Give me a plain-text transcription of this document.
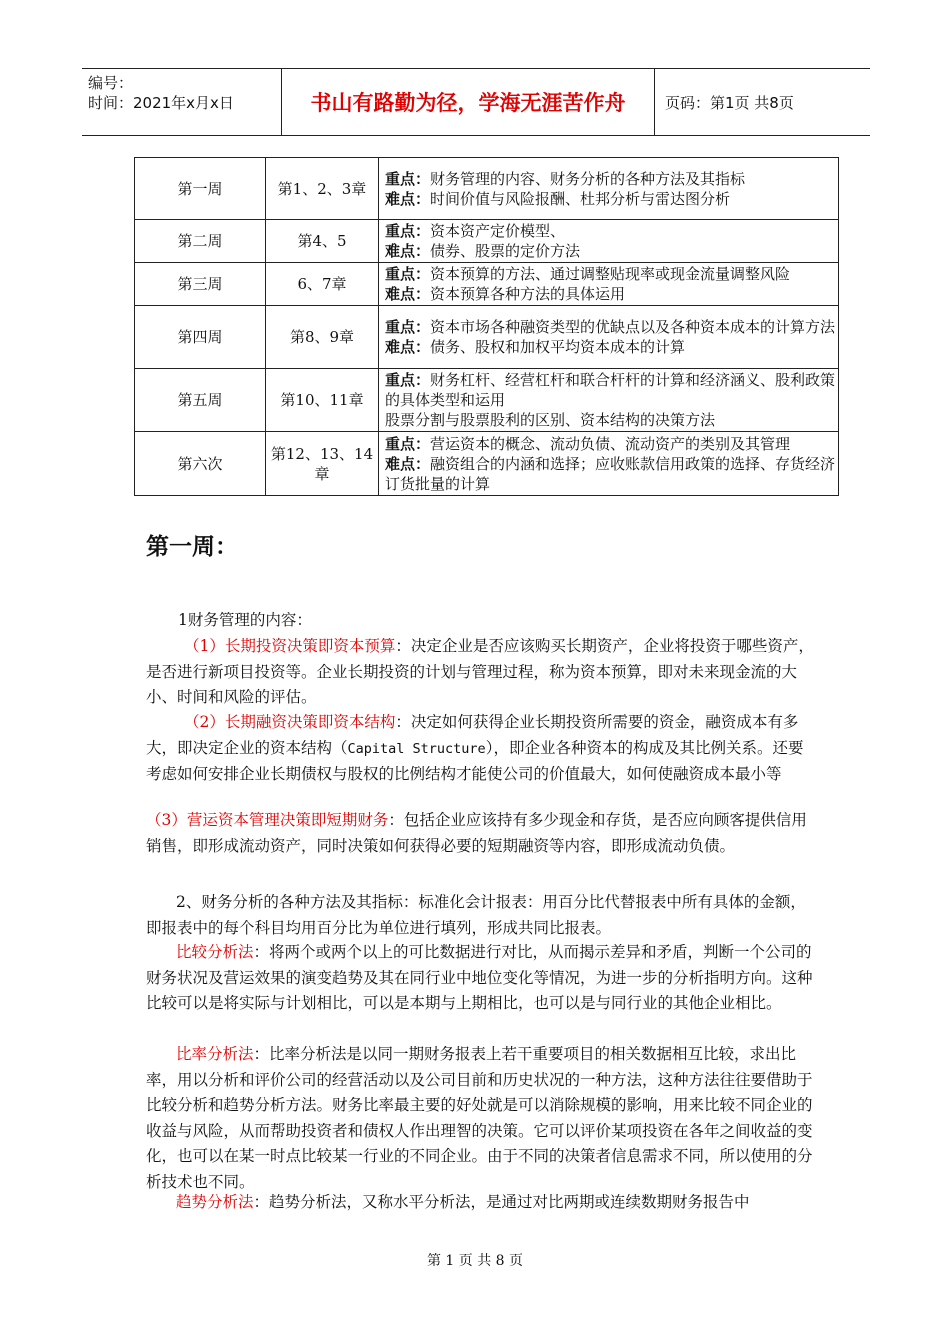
编号：
时间：2021年x月x日	书山有路勤为径，学海无涯苦作舟	页码：第1页 共8页
第一周	第1、2、3章	重点：财务管理的内容、财务分析的各种方法及其指标
难点：时间价值与风险报酬、杜邦分析与雷达图分析

第二周	第4、5	重点：资本资产定价模型、
难点：债券、股票的定价方法

第三周	6、7章	重点：资本预算的方法、通过调整贴现率或现金流量调整风险
难点：资本预算各种方法的具体运用

第四周	第8、9章	重点：资本市场各种融资类型的优缺点以及各种资本成本的计算方法
难点：债务、股权和加权平均资本成本的计算

第五周	第10、11章	重点：财务杠杆、经营杠杆和联合杆杆的计算和经济涵义、股利政策的具体类型和运用
股票分割与股票股利的区别、资本结构的决策方法

第六次	第12、13、14章	重点：营运资本的概念、流动负债、流动资产的类别及其管理
难点：融资组合的内涵和选择；应收账款信用政策的选择、存货经济订货批量的计算
第一周：
1财务管理的内容：
（1）长期投资决策即资本预算：决定企业是否应该购买长期资产，企业将投资于哪些资产，是否进行新项目投资等。企业长期投资的计划与管理过程，称为资本预算，即对未来现金流的大小、时间和风险的评估。
（2）长期融资决策即资本结构：决定如何获得企业长期投资所需要的资金，融资成本有多大，即决定企业的资本结构（Capital Structure），即企业各种资本的构成及其比例关系。还要考虑如何安排企业长期债权与股权的比例结构才能使公司的价值最大，如何使融资成本最小等
（3）营运资本管理决策即短期财务：包括企业应该持有多少现金和存货，是否应向顾客提供信用销售，即形成流动资产，同时决策如何获得必要的短期融资等内容，即形成流动负债。
2、财务分析的各种方法及其指标：标准化会计报表：用百分比代替报表中所有具体的金额，即报表中的每个科目均用百分比为单位进行填列，形成共同比报表。
比较分析法：将两个或两个以上的可比数据进行对比，从而揭示差异和矛盾，判断一个公司的财务状况及营运效果的演变趋势及其在同行业中地位变化等情况，为进一步的分析指明方向。这种比较可以是将实际与计划相比，可以是本期与上期相比，也可以是与同行业的其他企业相比。
比率分析法：比率分析法是以同一期财务报表上若干重要项目的相关数据相互比较，求出比率，用以分析和评价公司的经营活动以及公司目前和历史状况的一种方法，这种方法往往要借助于比较分析和趋势分析方法。财务比率最主要的好处就是可以消除规模的影响，用来比较不同企业的收益与风险，从而帮助投资者和债权人作出理智的决策。它可以评价某项投资在各年之间收益的变化，也可以在某一时点比较某一行业的不同企业。由于不同的决策者信息需求不同，所以使用的分析技术也不同。
趋势分析法：趋势分析法，又称水平分析法，是通过对比两期或连续数期财务报告中
第 1 页 共 8 页
